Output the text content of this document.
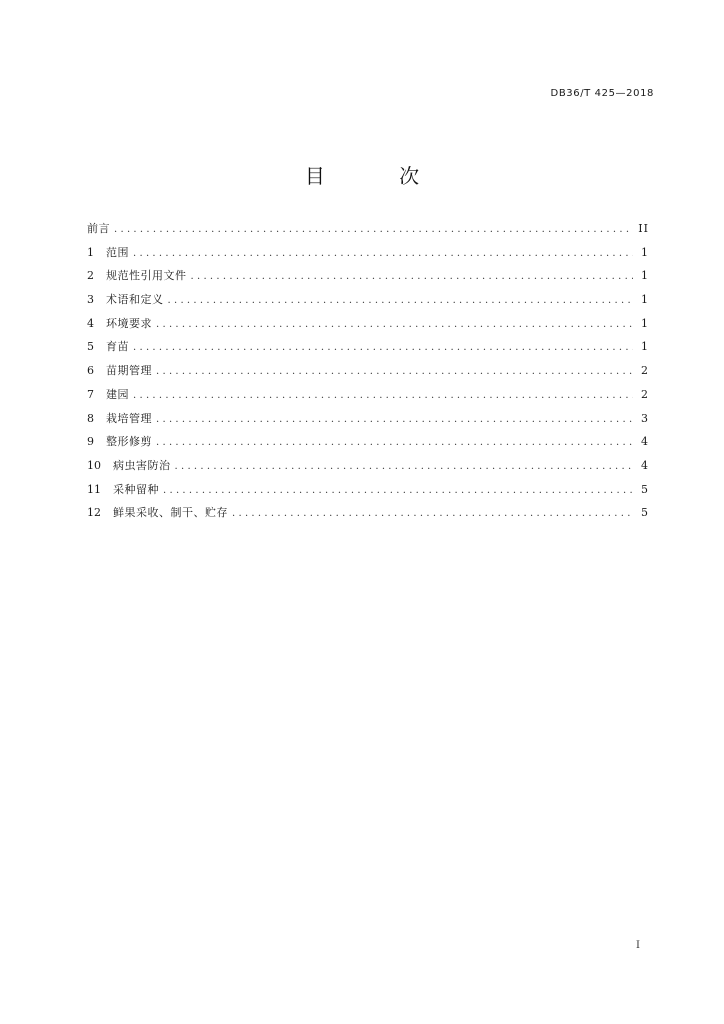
DB36/T 425—2018
目 次
前言 .....	II
1	范围 .....	1
2	规范性引用文件 .....	1
3	术语和定义 .....	1
4	环境要求 .....	1
5	育苗 .....	1
6	苗期管理 .....	2
7	建园 .....	2
8	栽培管理 .....	3
9	整形修剪 .....	4
10	病虫害防治 .....	4
11	采种留种 .....	5
12	鲜果采收、制干、贮存 .....	5
I
